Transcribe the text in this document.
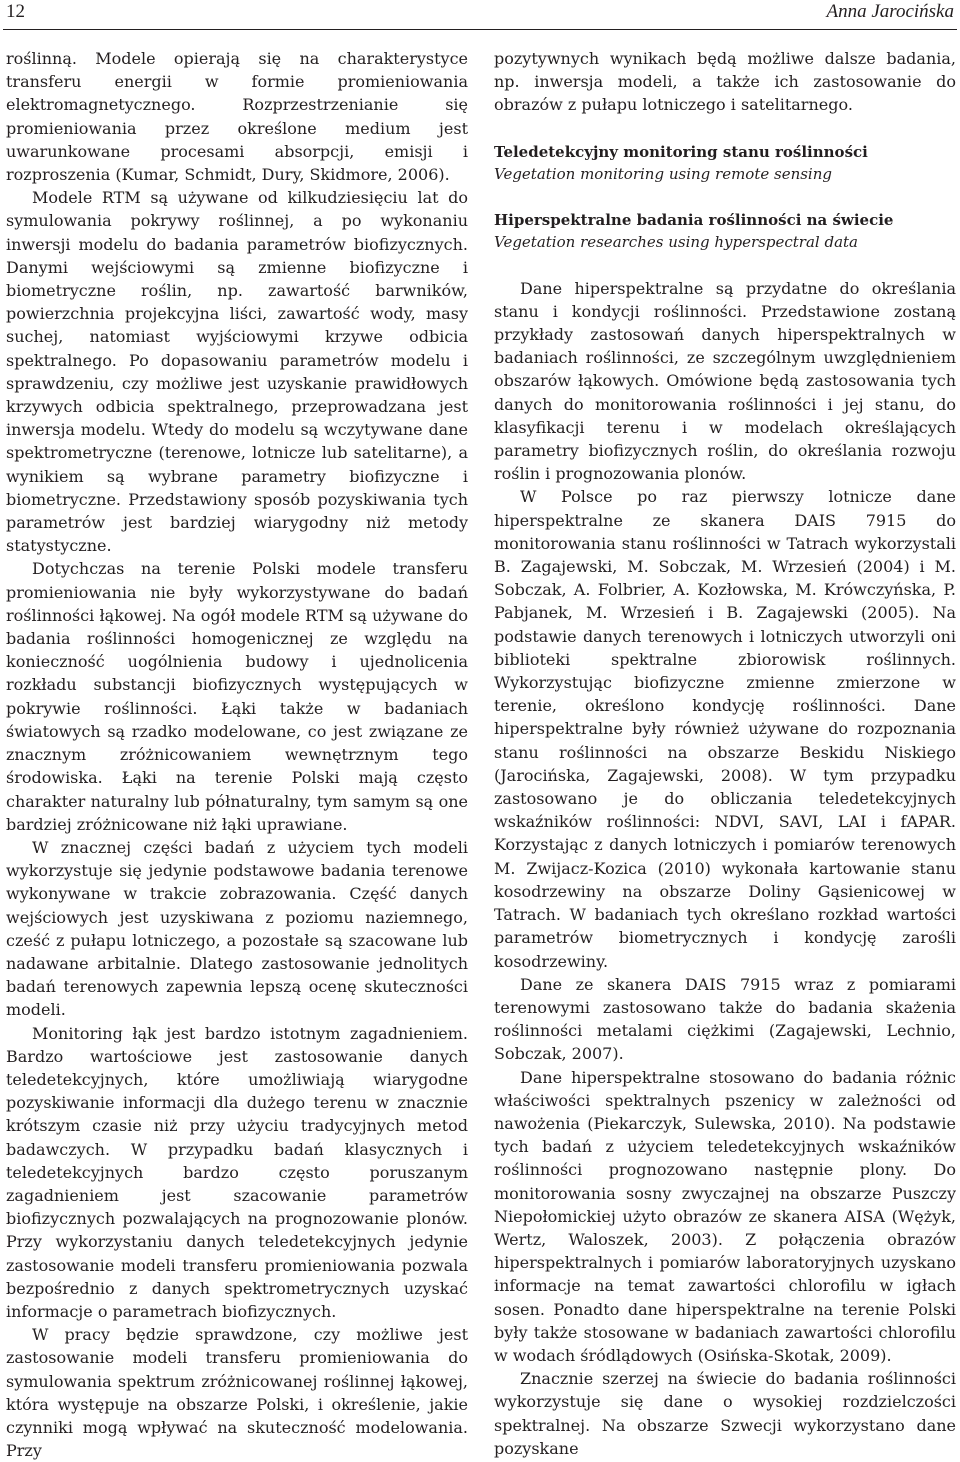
12	Anna Jarocińska

roślinną. Modele opierają się na charakterystyce transferu energii w formie promieniowania elektromagnetycznego. Rozprzestrzenianie się promieniowania przez określone medium jest uwarunkowane procesami absorpcji, emisji i rozproszenia (Kumar, Schmidt, Dury, Skidmore, 2006).

Modele RTM są używane od kilkudziesięciu lat do symulowania pokrywy roślinnej, a po wykonaniu inwersji modelu do badania parametrów biofizycznych. Danymi wejściowymi są zmienne biofizyczne i biometryczne roślin, np. zawartość barwników, powierzchnia projekcyjna liści, zawartość wody, masy suchej, natomiast wyjściowymi krzywe odbicia spektralnego. Po dopasowaniu parametrów modelu i sprawdzeniu, czy możliwe jest uzyskanie prawidłowych krzywych odbicia spektralnego, przeprowadzana jest inwersja modelu. Wtedy do modelu są wczytywane dane spektrometryczne (terenowe, lotnicze lub satelitarne), a wynikiem są wybrane parametry biofizyczne i biometryczne. Przedstawiony sposób pozyskiwania tych parametrów jest bardziej wiarygodny niż metody statystyczne.

Dotychczas na terenie Polski modele transferu promieniowania nie były wykorzystywane do badań roślinności łąkowej. Na ogół modele RTM są używane do badania roślinności homogenicznej ze względu na konieczność uogólnienia budowy i ujednolicenia rozkładu substancji biofizycznych występujących w pokrywie roślinności. Łąki także w badaniach światowych są rzadko modelowane, co jest związane ze znacznym zróżnicowaniem wewnętrznym tego środowiska. Łąki na terenie Polski mają często charakter naturalny lub półnaturalny, tym samym są one bardziej zróżnicowane niż łąki uprawiane.

W znacznej części badań z użyciem tych modeli wykorzystuje się jedynie podstawowe badania terenowe wykonywane w trakcie zobrazowania. Część danych wejściowych jest uzyskiwana z poziomu naziemnego, cześć z pułapu lotniczego, a pozostałe są szacowane lub nadawane arbitalnie. Dlatego zastosowanie jednolitych badań terenowych zapewnia lepszą ocenę skuteczności modeli.

Monitoring łąk jest bardzo istotnym zagadnieniem. Bardzo wartościowe jest zastosowanie danych teledetekcyjnych, które umożliwiają wiarygodne pozyskiwanie informacji dla dużego terenu w znacznie krótszym czasie niż przy użyciu tradycyjnych metod badawczych. W przypadku badań klasycznych i teledetekcyjnych bardzo często poruszanym zagadnieniem jest szacowanie parametrów biofizycznych pozwalających na prognozowanie plonów. Przy wykorzystaniu danych teledetekcyjnych jedynie zastosowanie modeli transferu promieniowania pozwala bezpośrednio z danych spektrometrycznych uzyskać informacje o parametrach biofizycznych.

W pracy będzie sprawdzone, czy możliwe jest zastosowanie modeli transferu promieniowania do symulowania spektrum zróżnicowanej roślinnej łąkowej, która występuje na obszarze Polski, i określenie, jakie czynniki mogą wpływać na skuteczność modelowania. Przy

pozytywnych wynikach będą możliwe dalsze badania, np. inwersja modeli, a także ich zastosowanie do obrazów z pułapu lotniczego i satelitarnego.

Teledetekcyjny monitoring stanu roślinności
Vegetation monitoring using remote sensing
Hiperspektralne badania roślinności na świecie
Vegetation researches using hyperspectral data

Dane hiperspektralne są przydatne do określania stanu i kondycji roślinności. Przedstawione zostaną przykłady zastosowań danych hiperspektralnych w badaniach roślinności, ze szczególnym uwzględnieniem obszarów łąkowych. Omówione będą zastosowania tych danych do monitorowania roślinności i jej stanu, do klasyfikacji terenu i w modelach określających parametry biofizycznych roślin, do określania rozwoju roślin i prognozowania plonów.

W Polsce po raz pierwszy lotnicze dane hiperspektralne ze skanera DAIS 7915 do monitorowania stanu roślinności w Tatrach wykorzystali B. Zagajewski, M. Sobczak, M. Wrzesień (2004) i M. Sobczak, A. Folbrier, A. Kozłowska, M. Krówczyńska, P. Pabjanek, M. Wrzesień i B. Zagajewski (2005). Na podstawie danych terenowych i lotniczych utworzyli oni biblioteki spektralne zbiorowisk roślinnych. Wykorzystując biofizyczne zmienne zmierzone w terenie, określono kondycję roślinności. Dane hiperspektralne były również używane do rozpoznania stanu roślinności na obszarze Beskidu Niskiego (Jarocińska, Zagajewski, 2008). W tym przypadku zastosowano je do obliczania teledetekcyjnych wskaźników roślinności: NDVI, SAVI, LAI i fAPAR. Korzystając z danych lotniczych i pomiarów terenowych M. Zwijacz-Kozica (2010) wykonała kartowanie stanu kosodrzewiny na obszarze Doliny Gąsienicowej w Tatrach. W badaniach tych określano rozkład wartości parametrów biometrycznych i kondycję zarośli kosodrzewiny.

Dane ze skanera DAIS 7915 wraz z pomiarami terenowymi zastosowano także do badania skażenia roślinności metalami ciężkimi (Zagajewski, Lechnio, Sobczak, 2007).

Dane hiperspektralne stosowano do badania różnic właściwości spektralnych pszenicy w zależności od nawożenia (Piekarczyk, Sulewska, 2010). Na podstawie tych badań z użyciem teledetekcyjnych wskaźników roślinności prognozowano następnie plony. Do monitorowania sosny zwyczajnej na obszarze Puszczy Niepołomickiej użyto obrazów ze skanera AISA (Wężyk, Wertz, Waloszek, 2003). Z połączenia obrazów hiperspektralnych i pomiarów laboratoryjnych uzyskano informacje na temat zawartości chlorofilu w igłach sosen. Ponadto dane hiperspektralne na terenie Polski były także stosowane w badaniach zawartości chlorofilu w wodach śródlądowych (Osińska-Skotak, 2009).

Znacznie szerzej na świecie do badania roślinności wykorzystuje się dane o wysokiej rozdzielczości spektralnej. Na obszarze Szwecji wykorzystano dane pozyskane
